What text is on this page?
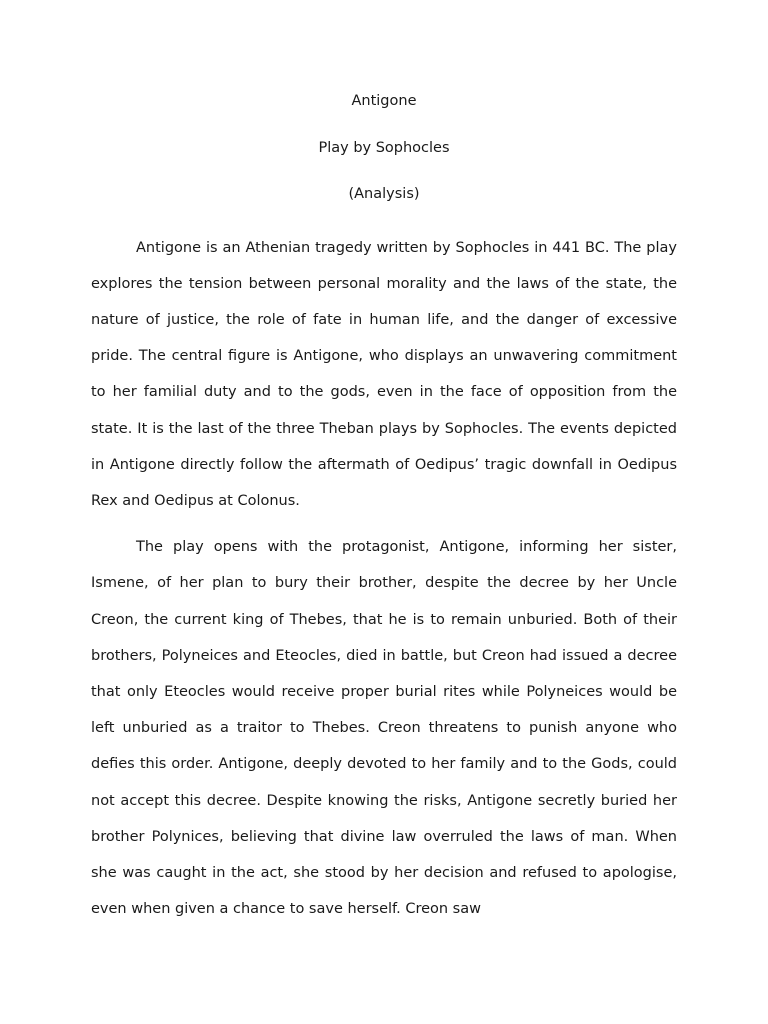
Antigone
Play by Sophocles
(Analysis)

Antigone is an Athenian tragedy written by Sophocles in 441 BC. The play explores the tension between personal morality and the laws of the state, the nature of justice, the role of fate in human life, and the danger of excessive pride. The central figure is Antigone, who displays an unwavering commitment to her familial duty and to the gods, even in the face of opposition from the state. It is the last of the three Theban plays by Sophocles. The events depicted in Antigone directly follow the aftermath of Oedipus’ tragic downfall in Oedipus Rex and Oedipus at Colonus.

The play opens with the protagonist, Antigone, informing her sister, Ismene, of her plan to bury their brother, despite the decree by her Uncle Creon, the current king of Thebes, that he is to remain unburied. Both of their brothers, Polyneices and Eteocles, died in battle, but Creon had issued a decree that only Eteocles would receive proper burial rites while Polyneices would be left unburied as a traitor to Thebes. Creon threatens to punish anyone who defies this order. Antigone, deeply devoted to her family and to the Gods, could not accept this decree. Despite knowing the risks, Antigone secretly buried her brother Polynices, believing that divine law overruled the laws of man. When she was caught in the act, she stood by her decision and refused to apologise, even when given a chance to save herself. Creon saw
